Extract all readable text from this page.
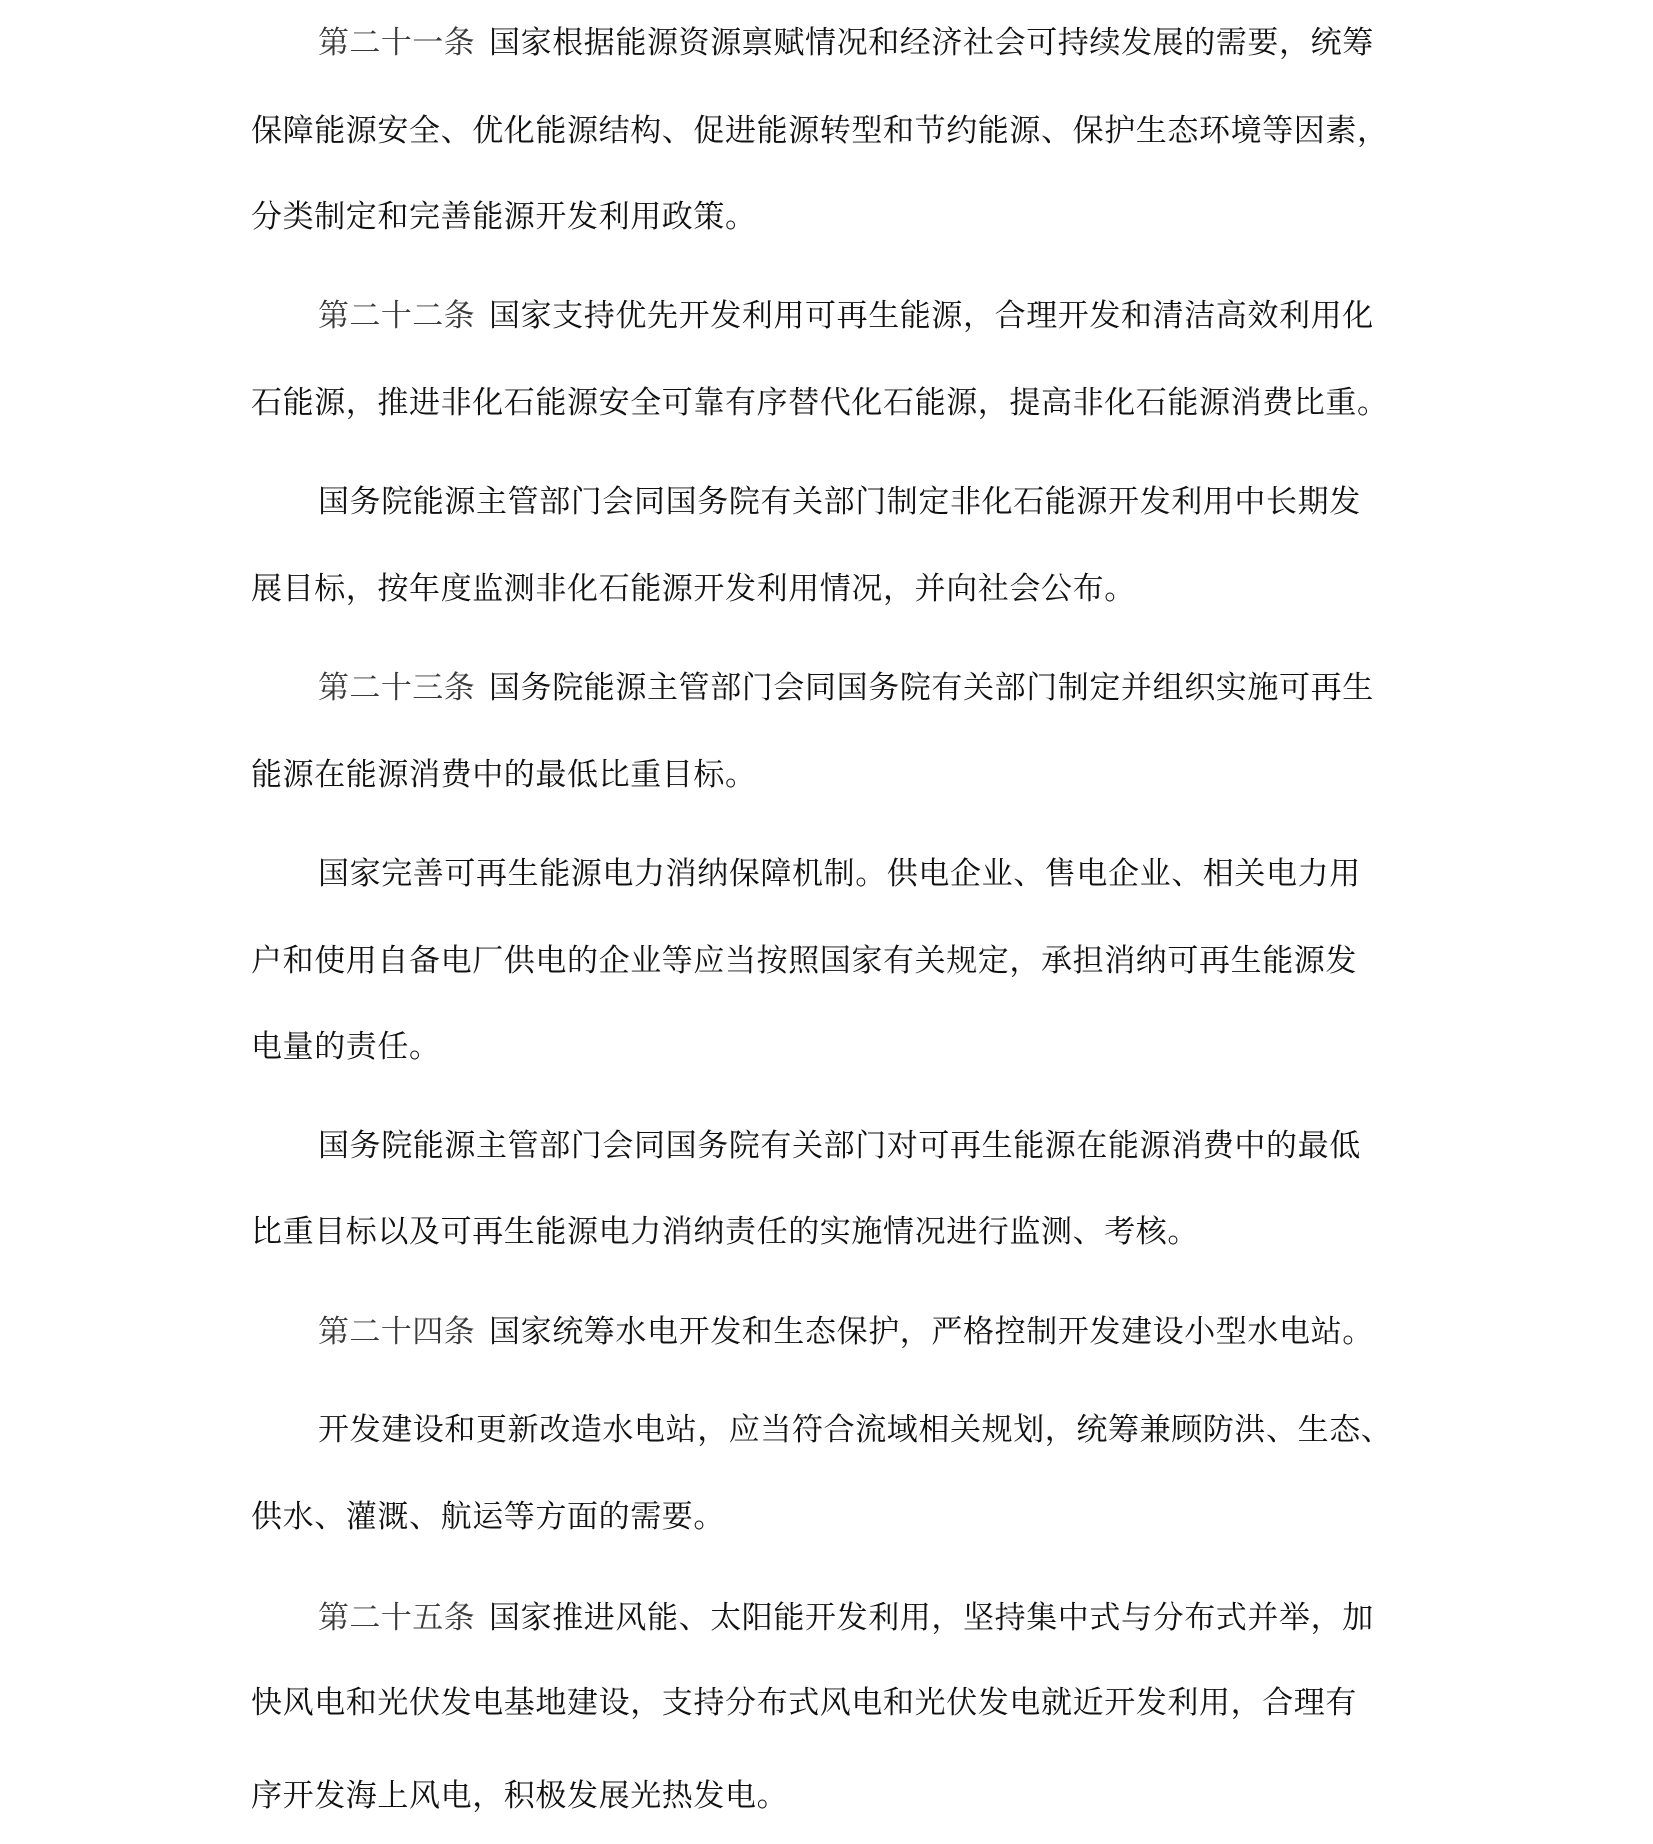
第二十一条 国家根据能源资源禀赋情况和经济社会可持续发展的需要，统筹
保障能源安全、优化能源结构、促进能源转型和节约能源、保护生态环境等因素，
分类制定和完善能源开发利用政策。
第二十二条 国家支持优先开发利用可再生能源，合理开发和清洁高效利用化
石能源，推进非化石能源安全可靠有序替代化石能源，提高非化石能源消费比重。
国务院能源主管部门会同国务院有关部门制定非化石能源开发利用中长期发
展目标，按年度监测非化石能源开发利用情况，并向社会公布。
第二十三条 国务院能源主管部门会同国务院有关部门制定并组织实施可再生
能源在能源消费中的最低比重目标。
国家完善可再生能源电力消纳保障机制。供电企业、售电企业、相关电力用
户和使用自备电厂供电的企业等应当按照国家有关规定，承担消纳可再生能源发
电量的责任。
国务院能源主管部门会同国务院有关部门对可再生能源在能源消费中的最低
比重目标以及可再生能源电力消纳责任的实施情况进行监测、考核。
第二十四条 国家统筹水电开发和生态保护，严格控制开发建设小型水电站。
开发建设和更新改造水电站，应当符合流域相关规划，统筹兼顾防洪、生态、
供水、灌溉、航运等方面的需要。
第二十五条 国家推进风能、太阳能开发利用，坚持集中式与分布式并举，加
快风电和光伏发电基地建设，支持分布式风电和光伏发电就近开发利用，合理有
序开发海上风电，积极发展光热发电。
